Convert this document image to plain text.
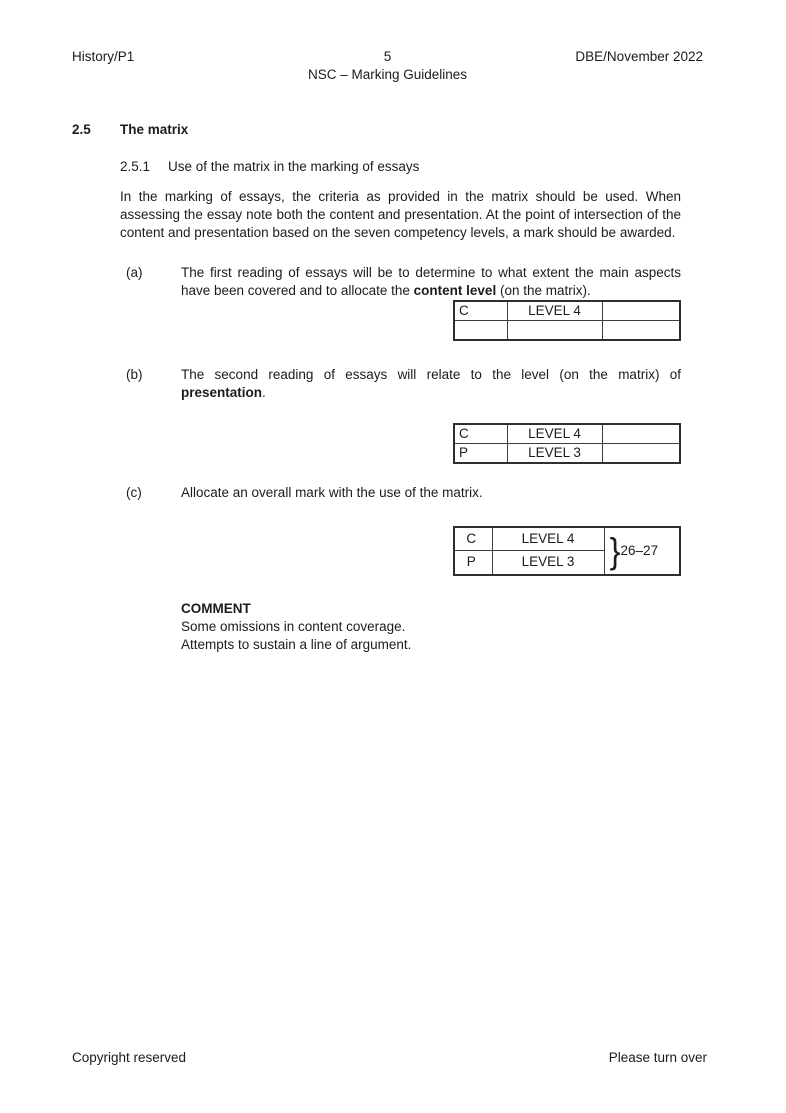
History/P1	5	DBE/November 2022
NSC – Marking Guidelines
2.5 The matrix
2.5.1 Use of the matrix in the marking of essays

In the marking of essays, the criteria as provided in the matrix should be used. When assessing the essay note both the content and presentation. At the point of intersection of the content and presentation based on the seven competency levels, a mark should be awarded.

(a)	The first reading of essays will be to determine to what extent the main aspects have been covered and to allocate the content level (on the matrix).

C	LEVEL 4	

(b)	The second reading of essays will relate to the level (on the matrix) of presentation.

C	LEVEL 4	
P	LEVEL 3	
(c)	Allocate an overall mark with the use of the matrix.

C	LEVEL 4	} 26–27

P	LEVEL 3	
COMMENT
Some omissions in content coverage.
Attempts to sustain a line of argument.
Copyright reserved	Please turn over
